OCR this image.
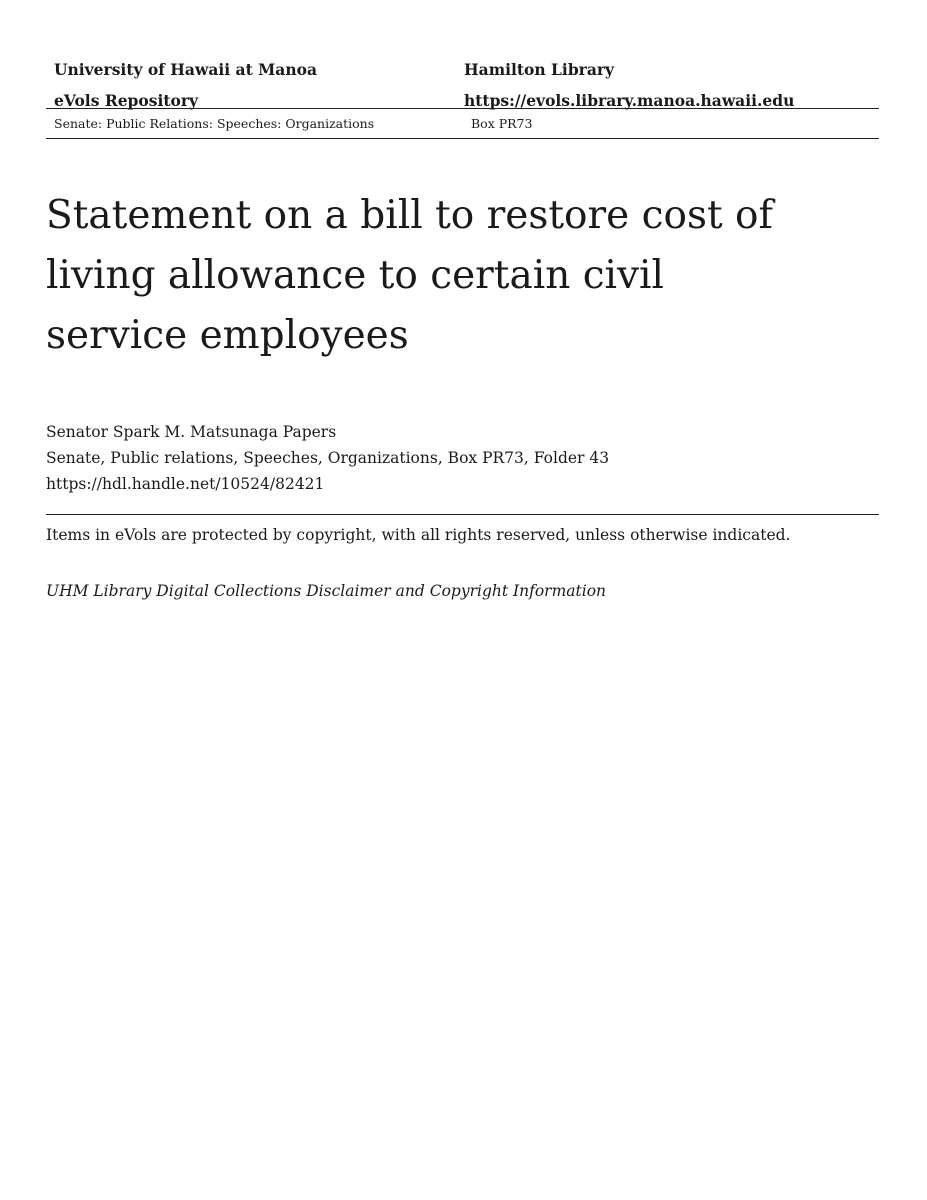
University of Hawaii at Manoa	Hamilton Library
eVols Repository	https://evols.library.manoa.hawaii.edu
Senate: Public Relations: Speeches: Organizations	Box PR73
Statement on a bill to restore cost of living allowance to certain civil service employees
Senator Spark M. Matsunaga Papers
Senate, Public relations, Speeches, Organizations, Box PR73, Folder 43
https://hdl.handle.net/10524/82421
Items in eVols are protected by copyright, with all rights reserved, unless otherwise indicated.
UHM Library Digital Collections Disclaimer and Copyright Information
